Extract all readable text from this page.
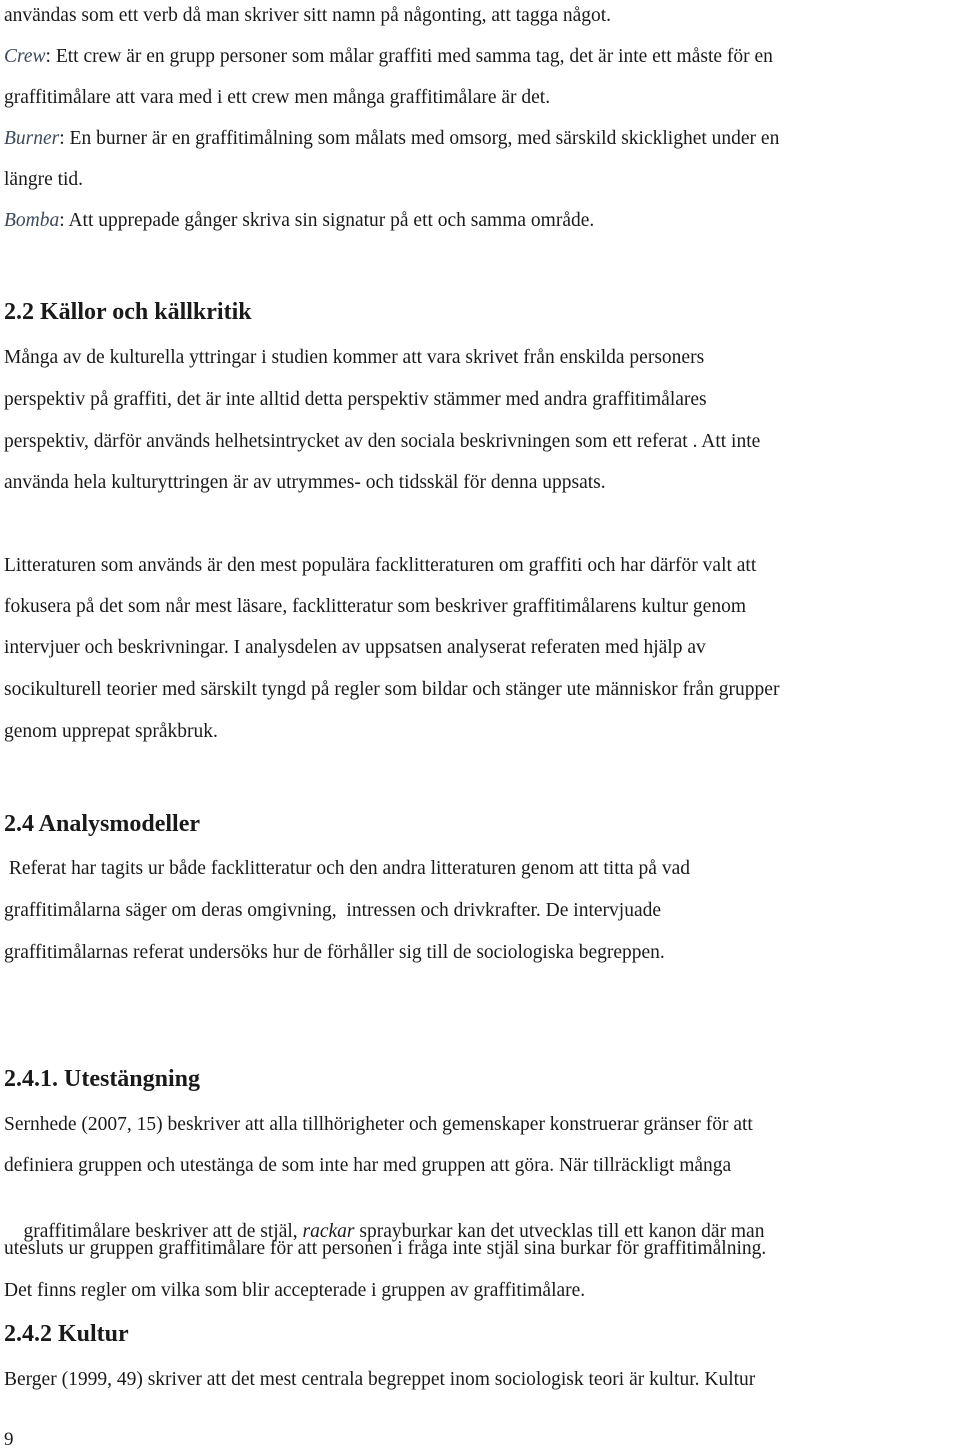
användas som ett verb då man skriver sitt namn på någonting, att tagga något.
Crew: Ett crew är en grupp personer som målar graffiti med samma tag, det är inte ett måste för en
graffitimålare att vara med i ett crew men många graffitimålare är det.
Burner: En burner är en graffitimålning som målats med omsorg, med särskild skicklighet under en
längre tid.
Bomba: Att upprepade gånger skriva sin signatur på ett och samma område.
2.2 Källor och källkritik
Många av de kulturella yttringar i studien kommer att vara skrivet från enskilda personers
perspektiv på graffiti, det är inte alltid detta perspektiv stämmer med andra graffitimålares
perspektiv, därför används helhetsintrycket av den sociala beskrivningen som ett referat . Att inte
använda hela kulturyttringen är av utrymmes- och tidsskäl för denna uppsats.
Litteraturen som används är den mest populära facklitteraturen om graffiti och har därför valt att
fokusera på det som når mest läsare, facklitteratur som beskriver graffitimålarens kultur genom
intervjuer och beskrivningar. I analysdelen av uppsatsen analyserat referaten med hjälp av
socikulturell teorier med särskilt tyngd på regler som bildar och stänger ute människor från grupper
genom upprepat språkbruk.
2.4 Analysmodeller
Referat har tagits ur både facklitteratur och den andra litteraturen genom att titta på vad
graffitimålarna säger om deras omgivning,  intressen och drivkrafter. De intervjuade
graffitimålarnas referat undersöks hur de förhåller sig till de sociologiska begreppen.
2.4.1. Utestängning
Sernhede (2007, 15) beskriver att alla tillhörigheter och gemenskaper konstruerar gränser för att
definiera gruppen och utestänga de som inte har med gruppen att göra. När tillräckligt många

graffitimålare beskriver att de stjäl, rackar sprayburkar kan det utvecklas till ett kanon där man

utesluts ur gruppen graffitimålare för att personen i fråga inte stjäl sina burkar för graffitimålning.
Det finns regler om vilka som blir accepterade i gruppen av graffitimålare.
2.4.2 Kultur
Berger (1999, 49) skriver att det mest centrala begreppet inom sociologisk teori är kultur. Kultur
9
